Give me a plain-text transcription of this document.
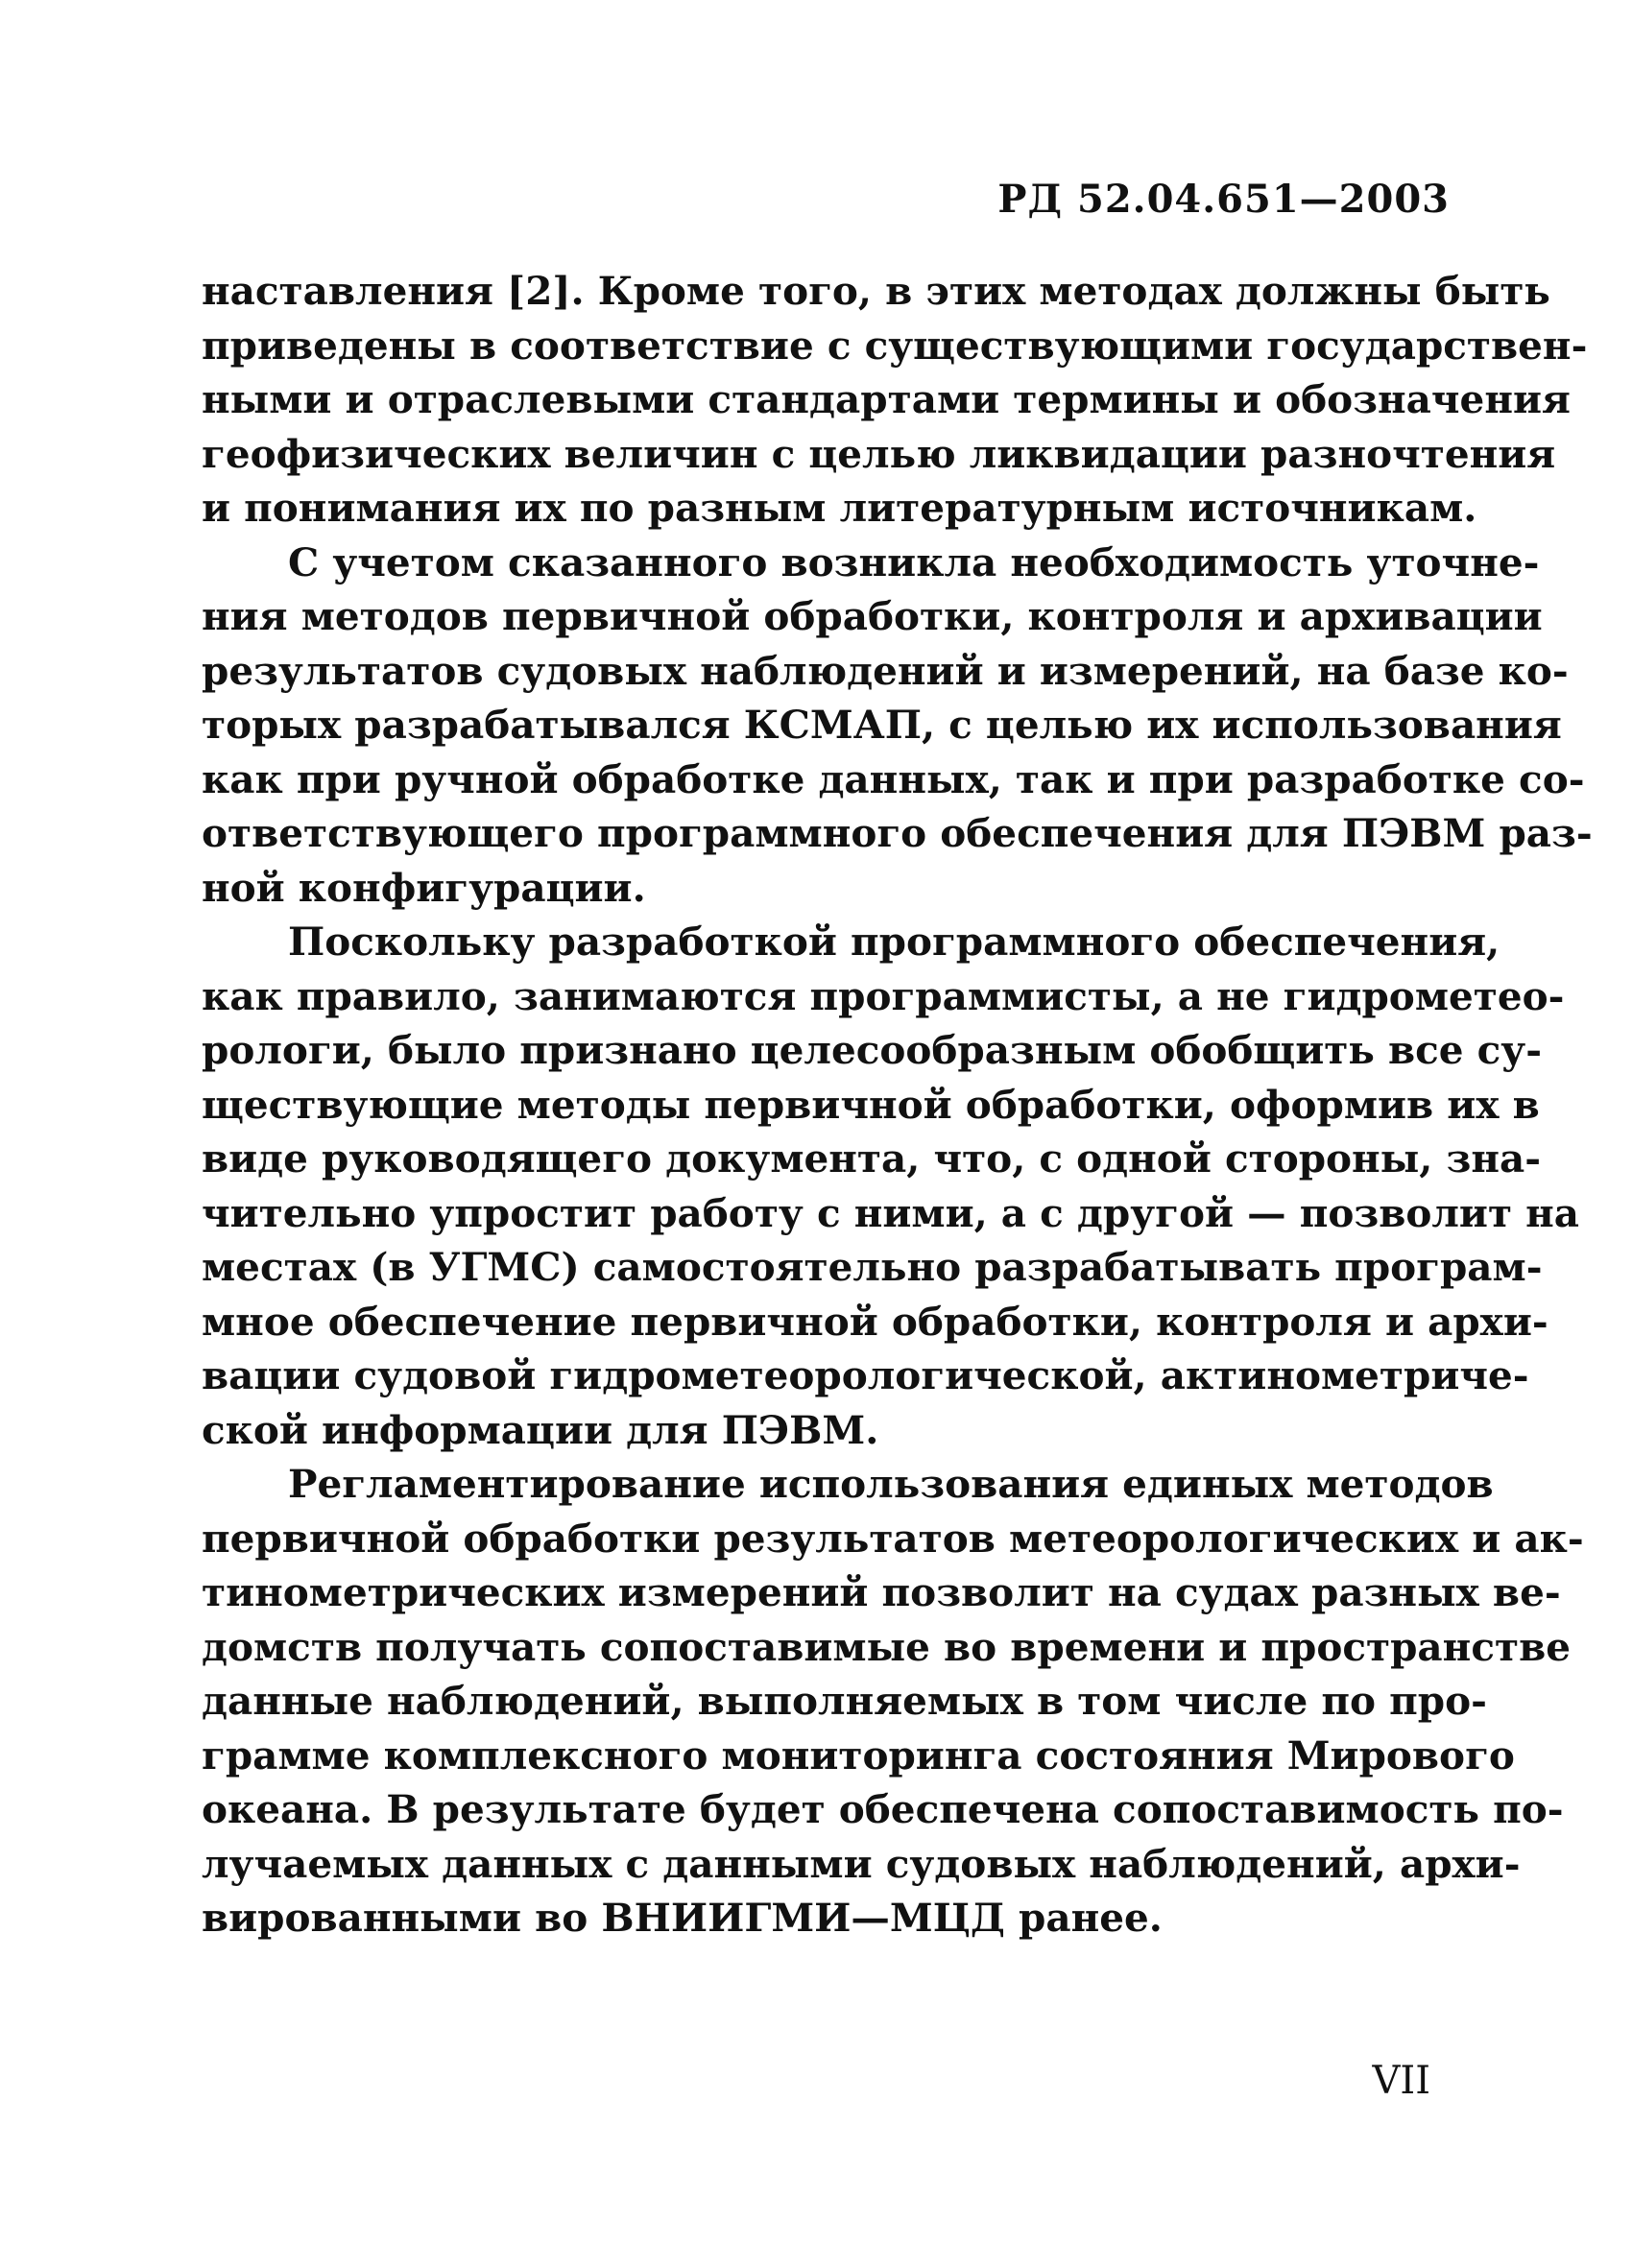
РД 52.04.651—2003

наставления [2]. Кроме того, в этих методах должны быть
приведены в соответствие с существующими государствен-
ными и отраслевыми стандартами термины и обозначения
геофизических величин с целью ликвидации разночтения
и понимания их по разным литературным источникам.

С учетом сказанного возникла необходимость уточне-
ния методов первичной обработки, контроля и архивации
результатов судовых наблюдений и измерений, на базе ко-
торых разрабатывался КСМАП, с целью их использования
как при ручной обработке данных, так и при разработке со-
ответствующего программного обеспечения для ПЭВМ раз-
ной конфигурации.

Поскольку разработкой программного обеспечения,
как правило, занимаются программисты, а не гидрометео-
рологи, было признано целесообразным обобщить все су-
ществующие методы первичной обработки, оформив их в
виде руководящего документа, что, с одной стороны, зна-
чительно упростит работу с ними, а с другой — позволит на
местах (в УГМС) самостоятельно разрабатывать програм-
мное обеспечение первичной обработки, контроля и архи-
вации судовой гидрометеорологической, актинометриче-
ской информации для ПЭВМ.

Регламентирование использования единых методов
первичной обработки результатов метеорологических и ак-
тинометрических измерений позволит на судах разных ве-
домств получать сопоставимые во времени и пространстве
данные наблюдений, выполняемых в том числе по про-
грамме комплексного мониторинга состояния Мирового
океана. В результате будет обеспечена сопоставимость по-
лучаемых данных с данными судовых наблюдений, архи-
вированными во ВНИИГМИ—МЦД ранее.

VII
